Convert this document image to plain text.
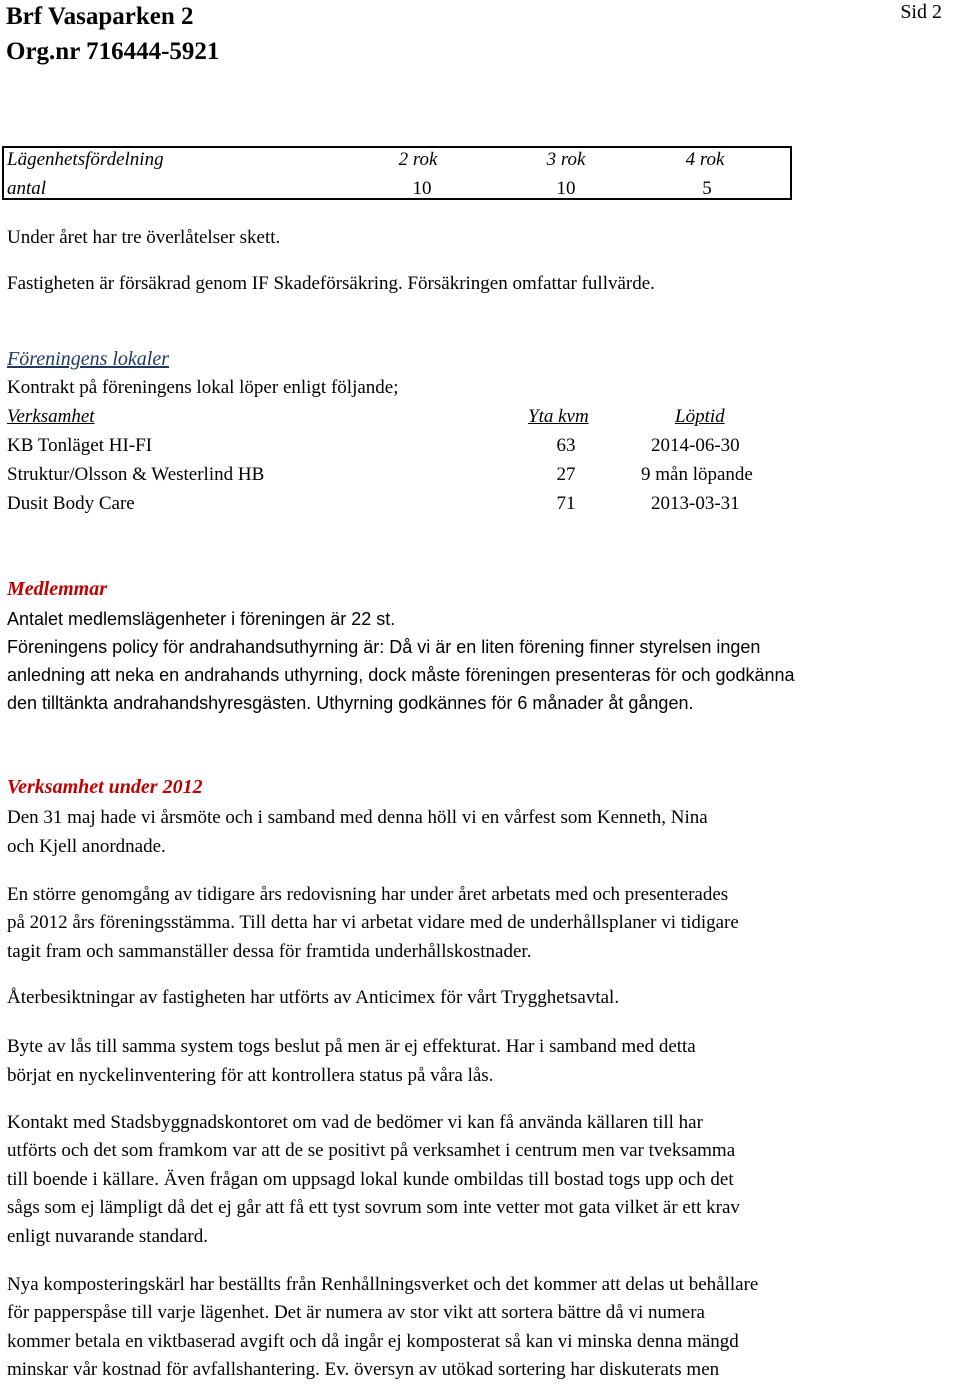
Brf Vasaparken 2
Org.nr 716444-5921
Sid 2
Lägenhetsfördelning	2 rok	3 rok	4 rok
antal	10	10	5
Under året har tre överlåtelser skett.
Fastigheten är försäkrad genom IF Skadeförsäkring. Försäkringen omfattar fullvärde.
Föreningens lokaler
Kontrakt på föreningens lokal löper enligt följande;
Verksamhet	Yta kvm	Löptid
KB Tonläget HI-FI	63	2014-06-30
Struktur/Olsson & Westerlind HB	27	9 mån löpande
Dusit Body Care	71	2013-03-31
Medlemmar
Antalet medlemslägenheter i föreningen är 22 st.
Föreningens policy för andrahandsuthyrning är: Då vi är en liten förening finner styrelsen ingen
anledning att neka en andrahands uthyrning, dock måste föreningen presenteras för och godkänna
den tilltänkta andrahandshyresgästen. Uthyrning godkännes för 6 månader åt gången.
Verksamhet under 2012
Den 31 maj hade vi årsmöte och i samband med denna höll vi en vårfest som Kenneth, Nina
och Kjell anordnade.
En större genomgång av tidigare års redovisning har under året arbetats med och presenterades
på 2012 års föreningsstämma. Till detta har vi arbetat vidare med de underhållsplaner vi tidigare
tagit fram och sammanställer dessa för framtida underhållskostnader.
Återbesiktningar av fastigheten har utförts av Anticimex för vårt Trygghetsavtal.
Byte av lås till samma system togs beslut på men är ej effekturat. Har i samband med detta
börjat en nyckelinventering för att kontrollera status på våra lås.
Kontakt med Stadsbyggnadskontoret om vad de bedömer vi kan få använda källaren till har
utförts och det som framkom var att de se positivt på verksamhet i centrum men var tveksamma
till boende i källare. Även frågan om uppsagd lokal kunde ombildas till bostad togs upp och det
sågs som ej lämpligt då det ej går att få ett tyst sovrum som inte vetter mot gata vilket är ett krav
enligt nuvarande standard.
Nya komposteringskärl har beställts från Renhållningsverket och det kommer att delas ut behållare
för papperspåse till varje lägenhet. Det är numera av stor vikt att sortera bättre då vi numera
kommer betala en viktbaserad avgift och då ingår ej komposterat så kan vi minska denna mängd
minskar vår kostnad för avfallshantering. Ev. översyn av utökad sortering har diskuterats men
